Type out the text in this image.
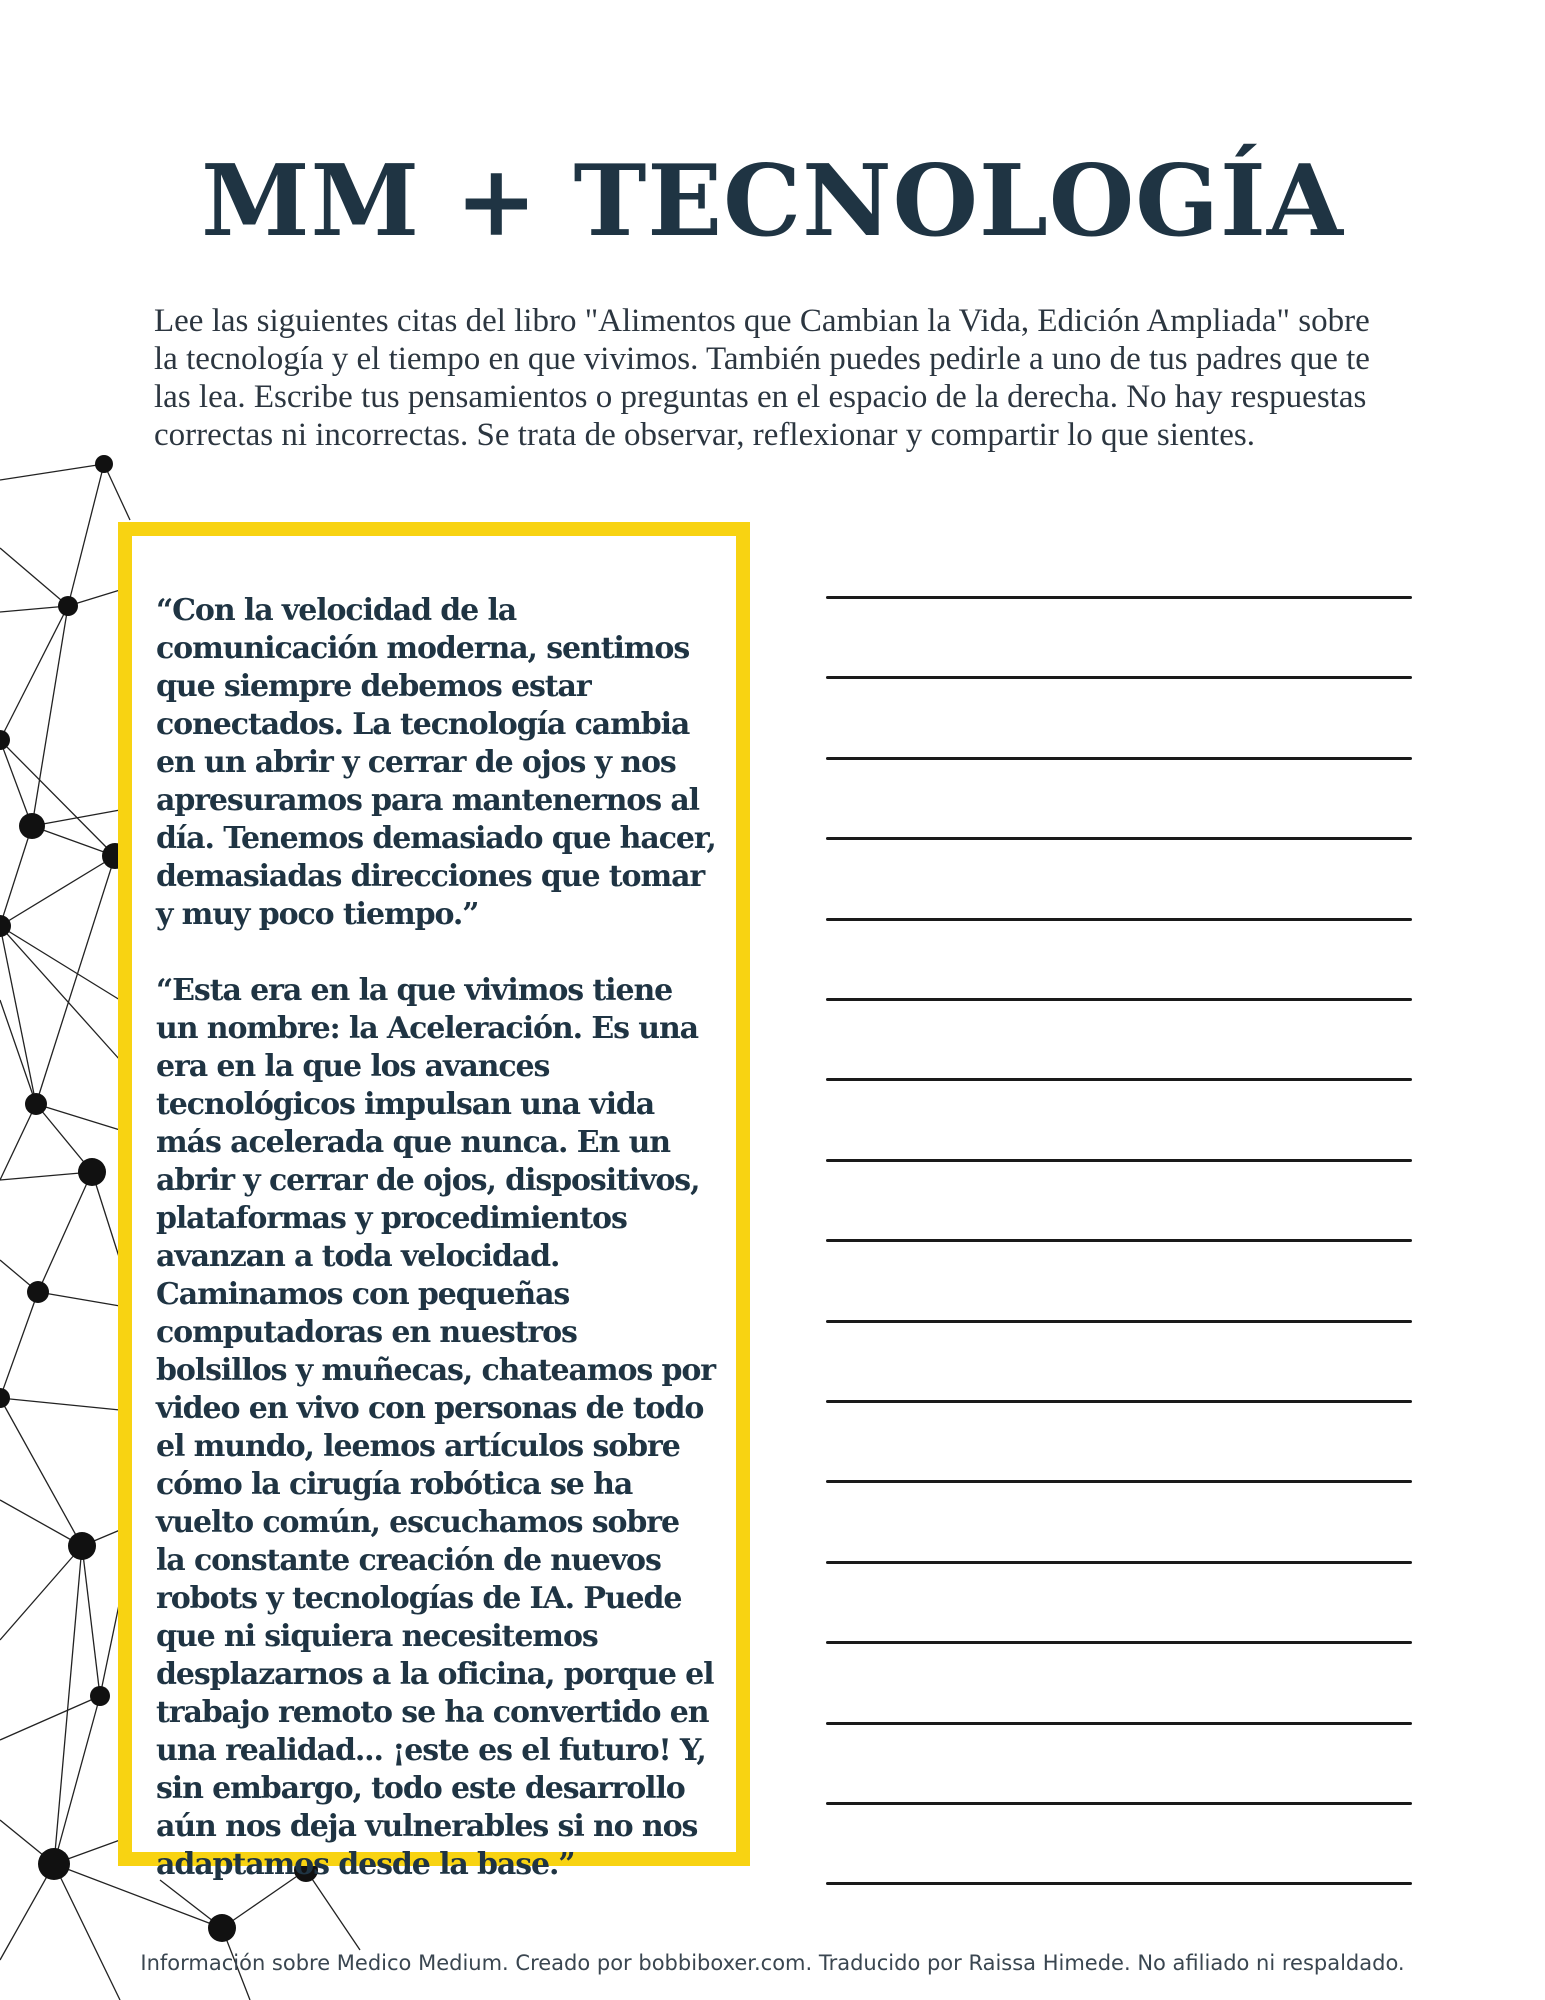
MM + TECNOLOGÍA

Lee las siguientes citas del libro "Alimentos que Cambian la Vida, Edición Ampliada" sobre la tecnología y el tiempo en que vivimos. También puedes pedirle a uno de tus padres que te las lea. Escribe tus pensamientos o preguntas en el espacio de la derecha. No hay respuestas correctas ni incorrectas. Se trata de observar, reflexionar y compartir lo que sientes.

“Con la velocidad de la comunicación moderna, sentimos que siempre debemos estar conectados. La tecnología cambia en un abrir y cerrar de ojos y nos apresuramos para mantenernos al día. Tenemos demasiado que hacer, demasiadas direcciones que tomar y muy poco tiempo.”

“Esta era en la que vivimos tiene un nombre: la Aceleración. Es una era en la que los avances tecnológicos impulsan una vida más acelerada que nunca. En un abrir y cerrar de ojos, dispositivos, plataformas y procedimientos avanzan a toda velocidad. Caminamos con pequeñas computadoras en nuestros bolsillos y muñecas, chateamos por video en vivo con personas de todo el mundo, leemos artículos sobre cómo la cirugía robótica se ha vuelto común, escuchamos sobre la constante creación de nuevos robots y tecnologías de IA. Puede que ni siquiera necesitemos desplazarnos a la oficina, porque el trabajo remoto se ha convertido en una realidad... ¡este es el futuro! Y, sin embargo, todo este desarrollo aún nos deja vulnerables si no nos adaptamos desde la base.”

Información sobre Medico Medium. Creado por bobbiboxer.com. Traducido por Raissa Himede. No afiliado ni respaldado.
